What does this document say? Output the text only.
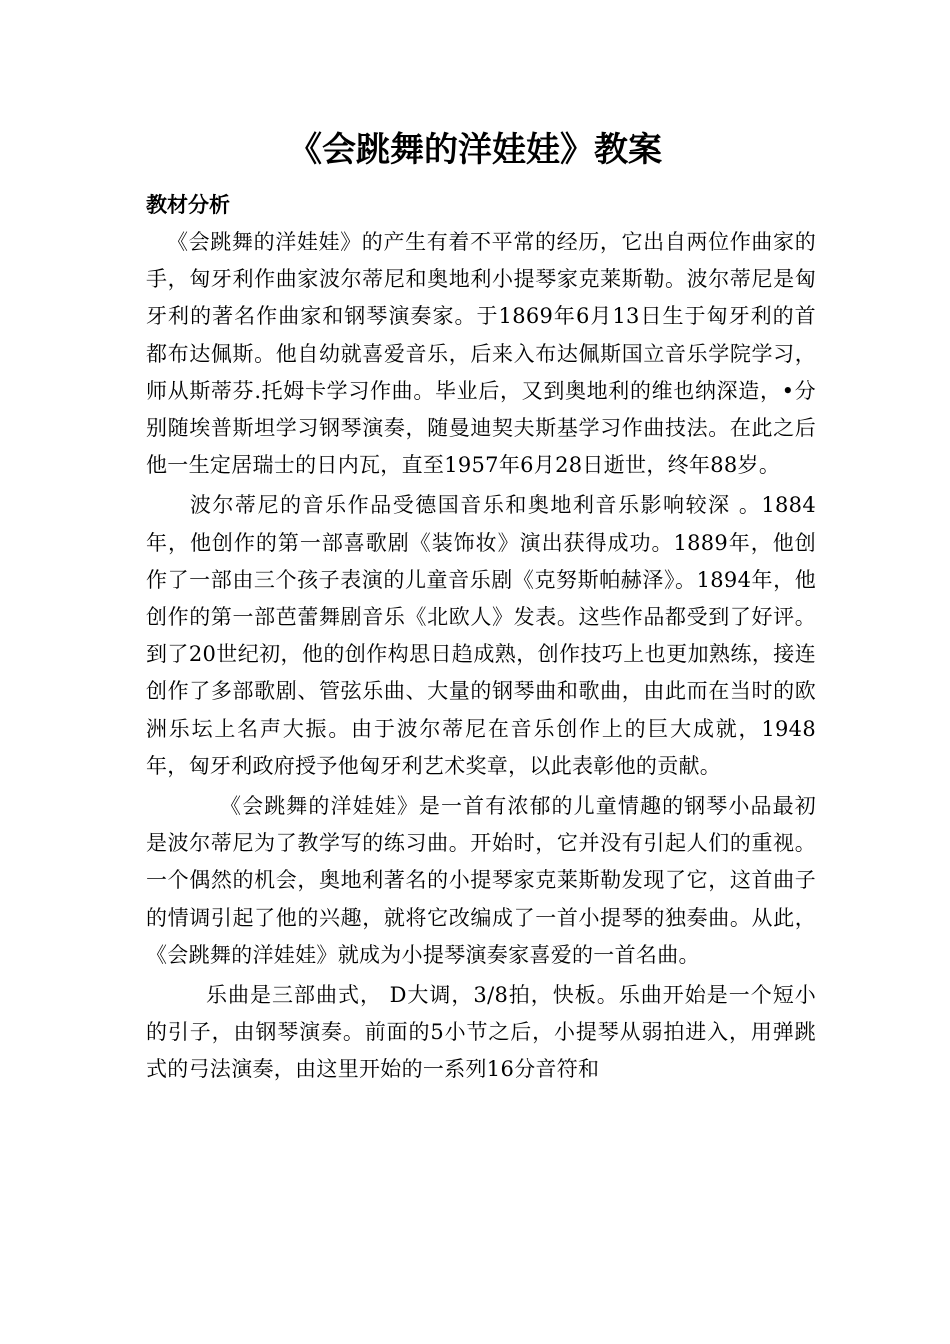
《会跳舞的洋娃娃》教案
教材分析

《会跳舞的洋娃娃》的产生有着不平常的经历，它出自两位作曲家的手，匈牙利作曲家波尔蒂尼和奥地利小提琴家克莱斯勒。波尔蒂尼是匈牙利的著名作曲家和钢琴演奏家。于1869年6月13日生于匈牙利的首都布达佩斯。他自幼就喜爱音乐，后来入布达佩斯国立音乐学院学习，师从斯蒂芬.托姆卡学习作曲。毕业后，又到奥地利的维也纳深造，•分别随埃普斯坦学习钢琴演奏，随曼迪契夫斯基学习作曲技法。在此之后他一生定居瑞士的日内瓦，直至1957年6月28日逝世，终年88岁。

波尔蒂尼的音乐作品受德国音乐和奥地利音乐影响较深 。1884年，他创作的第一部喜歌剧《装饰妆》演出获得成功。1889年，他创作了一部由三个孩子表演的儿童音乐剧《克努斯帕赫泽》。1894年，他创作的第一部芭蕾舞剧音乐《北欧人》发表。这些作品都受到了好评。到了20世纪初，他的创作构思日趋成熟，创作技巧上也更加熟练，接连创作了多部歌剧、管弦乐曲、大量的钢琴曲和歌曲，由此而在当时的欧洲乐坛上名声大振。由于波尔蒂尼在音乐创作上的巨大成就，1948年，匈牙利政府授予他匈牙利艺术奖章，以此表彰他的贡献。

《会跳舞的洋娃娃》是一首有浓郁的儿童情趣的钢琴小品最初是波尔蒂尼为了教学写的练习曲。开始时，它并没有引起人们的重视。一个偶然的机会，奥地利著名的小提琴家克莱斯勒发现了它，这首曲子的情调引起了他的兴趣，就将它改编成了一首小提琴的独奏曲。从此，《会跳舞的洋娃娃》就成为小提琴演奏家喜爱的一首名曲。

乐曲是三部曲式， D大调，3/8拍，快板。乐曲开始是一个短小的引子，由钢琴演奏。前面的5小节之后，小提琴从弱拍进入，用弹跳式的弓法演奏，由这里开始的一系列16分音符和
